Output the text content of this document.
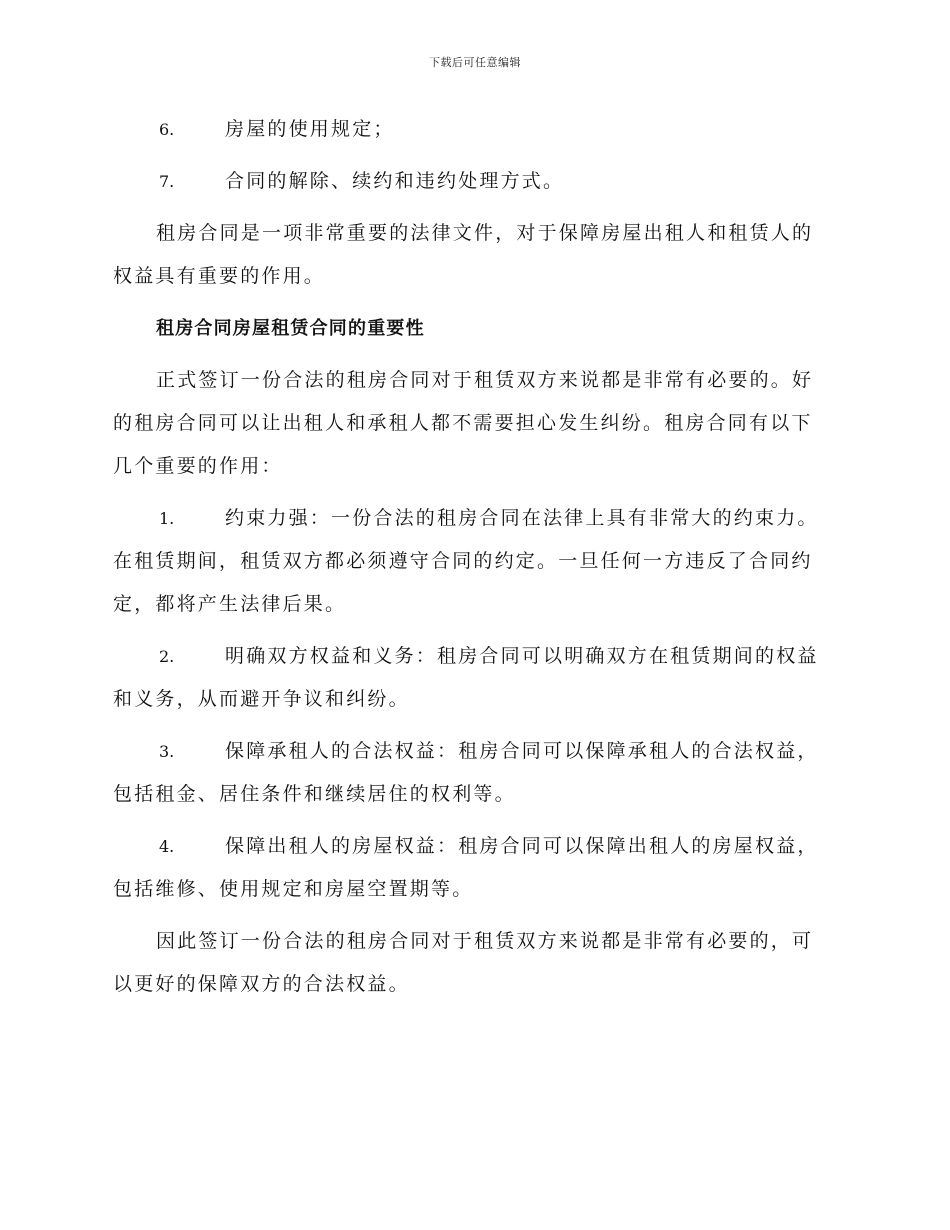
下载后可任意编辑
6.	房屋的使用规定；
7.	合同的解除、续约和违约处理方式。
租房合同是一项非常重要的法律文件，对于保障房屋出租人和租赁人的
权益具有重要的作用。
租房合同房屋租赁合同的重要性
正式签订一份合法的租房合同对于租赁双方来说都是非常有必要的。好
的租房合同可以让出租人和承租人都不需要担心发生纠纷。租房合同有以下
几个重要的作用：
1.	约束力强：一份合法的租房合同在法律上具有非常大的约束力。
在租赁期间，租赁双方都必须遵守合同的约定。一旦任何一方违反了合同约
定，都将产生法律后果。
2.	明确双方权益和义务：租房合同可以明确双方在租赁期间的权益
和义务，从而避开争议和纠纷。
3.	保障承租人的合法权益：租房合同可以保障承租人的合法权益，
包括租金、居住条件和继续居住的权利等。
4.	保障出租人的房屋权益：租房合同可以保障出租人的房屋权益，
包括维修、使用规定和房屋空置期等。
因此签订一份合法的租房合同对于租赁双方来说都是非常有必要的，可
以更好的保障双方的合法权益。
